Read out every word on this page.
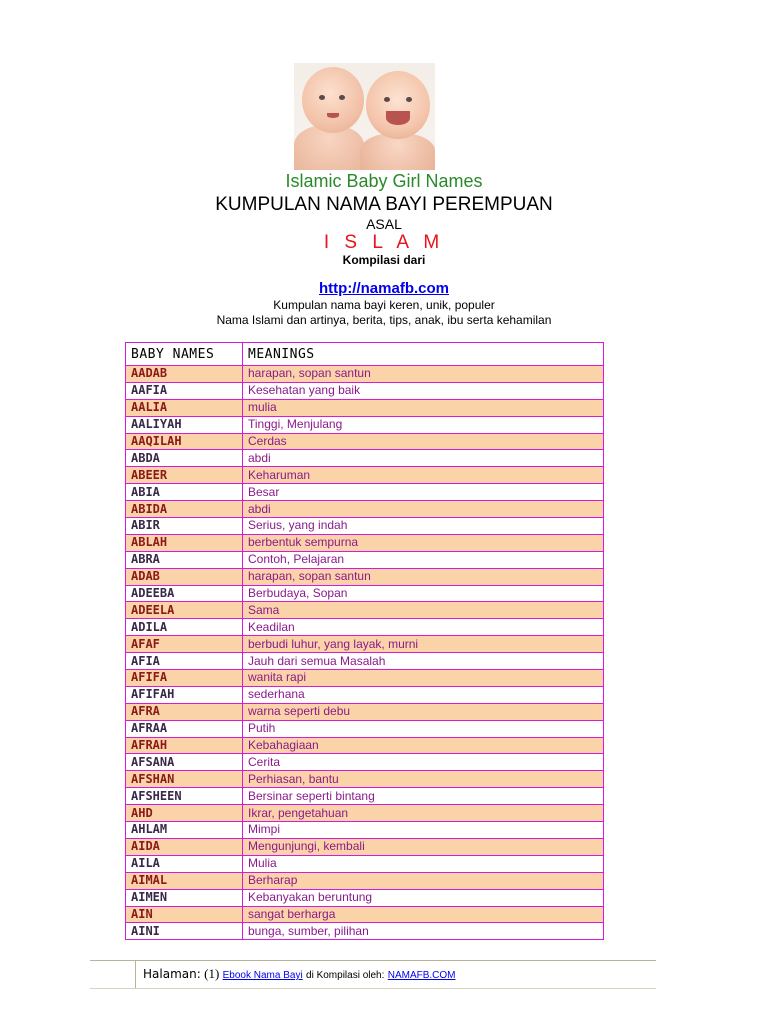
Islamic Baby Girl Names
KUMPULAN NAMA BAYI PEREMPUAN
ASAL
I S L A M
Kompilasi dari
http://namafb.com
Kumpulan nama bayi keren, unik, populer
Nama Islami dan artinya, berita, tips, anak, ibu serta kehamilan
BABY NAMES	MEANINGS
AADAB	harapan, sopan santun
AAFIA	Kesehatan yang baik
AALIA	mulia
AALIYAH	Tinggi, Menjulang
AAQILAH	Cerdas
ABDA	abdi
ABEER	Keharuman
ABIA	Besar
ABIDA	abdi
ABIR	Serius, yang indah
ABLAH	berbentuk sempurna
ABRA	Contoh, Pelajaran
ADAB	harapan, sopan santun
ADEEBA	Berbudaya, Sopan
ADEELA	Sama
ADILA	Keadilan
AFAF	berbudi luhur, yang layak, murni
AFIA	Jauh dari semua Masalah
AFIFA	wanita rapi
AFIFAH	sederhana
AFRA	warna seperti debu
AFRAA	Putih
AFRAH	Kebahagiaan
AFSANA	Cerita
AFSHAN	Perhiasan, bantu
AFSHEEN	Bersinar seperti bintang
AHD	Ikrar, pengetahuan
AHLAM	Mimpi
AIDA	Mengunjungi, kembali
AILA	Mulia
AIMAL	Berharap
AIMEN	Kebanyakan beruntung
AIN	sangat berharga
AINI	bunga, sumber, pilihan
Halaman: (1) Ebook Nama Bayi di Kompilasi oleh: NAMAFB.COM
